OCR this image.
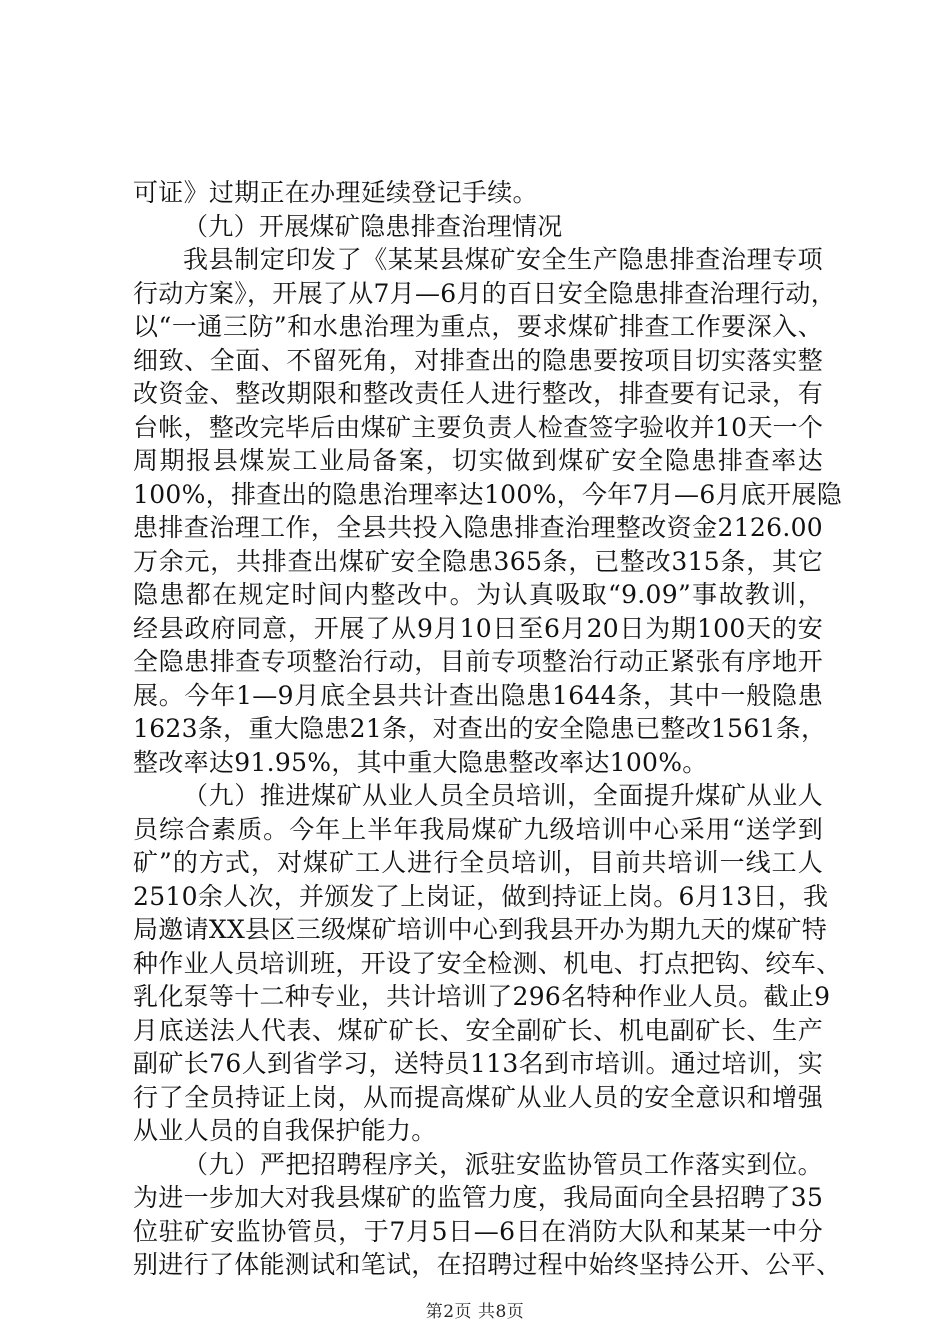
可证》过期正在办理延续登记手续。
（九）开展煤矿隐患排查治理情况
我县制定印发了《某某县煤矿安全生产隐患排查治理专项
行动方案》，开展了从7月—6月的百日安全隐患排查治理行动，
以“一通三防”和水患治理为重点，要求煤矿排查工作要深入、
细致、全面、不留死角，对排查出的隐患要按项目切实落实整
改资金、整改期限和整改责任人进行整改，排查要有记录，有
台帐，整改完毕后由煤矿主要负责人检查签字验收并10天一个
周期报县煤炭工业局备案，切实做到煤矿安全隐患排查率达
100%，排查出的隐患治理率达100%，今年7月—6月底开展隐
患排查治理工作，全县共投入隐患排查治理整改资金2126.00
万余元，共排查出煤矿安全隐患365条，已整改315条，其它
隐患都在规定时间内整改中。为认真吸取“9.09”事故教训，
经县政府同意，开展了从9月10日至6月20日为期100天的安
全隐患排查专项整治行动，目前专项整治行动正紧张有序地开
展。今年1—9月底全县共计查出隐患1644条，其中一般隐患
1623条，重大隐患21条，对查出的安全隐患已整改1561条，
整改率达91.95%，其中重大隐患整改率达100%。
（九）推进煤矿从业人员全员培训，全面提升煤矿从业人
员综合素质。今年上半年我局煤矿九级培训中心采用“送学到
矿”的方式，对煤矿工人进行全员培训，目前共培训一线工人
2510余人次，并颁发了上岗证，做到持证上岗。6月13日，我
局邀请XX县区三级煤矿培训中心到我县开办为期九天的煤矿特
种作业人员培训班，开设了安全检测、机电、打点把钩、绞车、
乳化泵等十二种专业，共计培训了296名特种作业人员。截止9
月底送法人代表、煤矿矿长、安全副矿长、机电副矿长、生产
副矿长76人到省学习，送特员113名到市培训。通过培训，实
行了全员持证上岗，从而提高煤矿从业人员的安全意识和增强
从业人员的自我保护能力。
（九）严把招聘程序关，派驻安监协管员工作落实到位。
为进一步加大对我县煤矿的监管力度，我局面向全县招聘了35
位驻矿安监协管员，于7月5日—6日在消防大队和某某一中分
别进行了体能测试和笔试，在招聘过程中始终坚持公开、公平、
第2页 共8页
